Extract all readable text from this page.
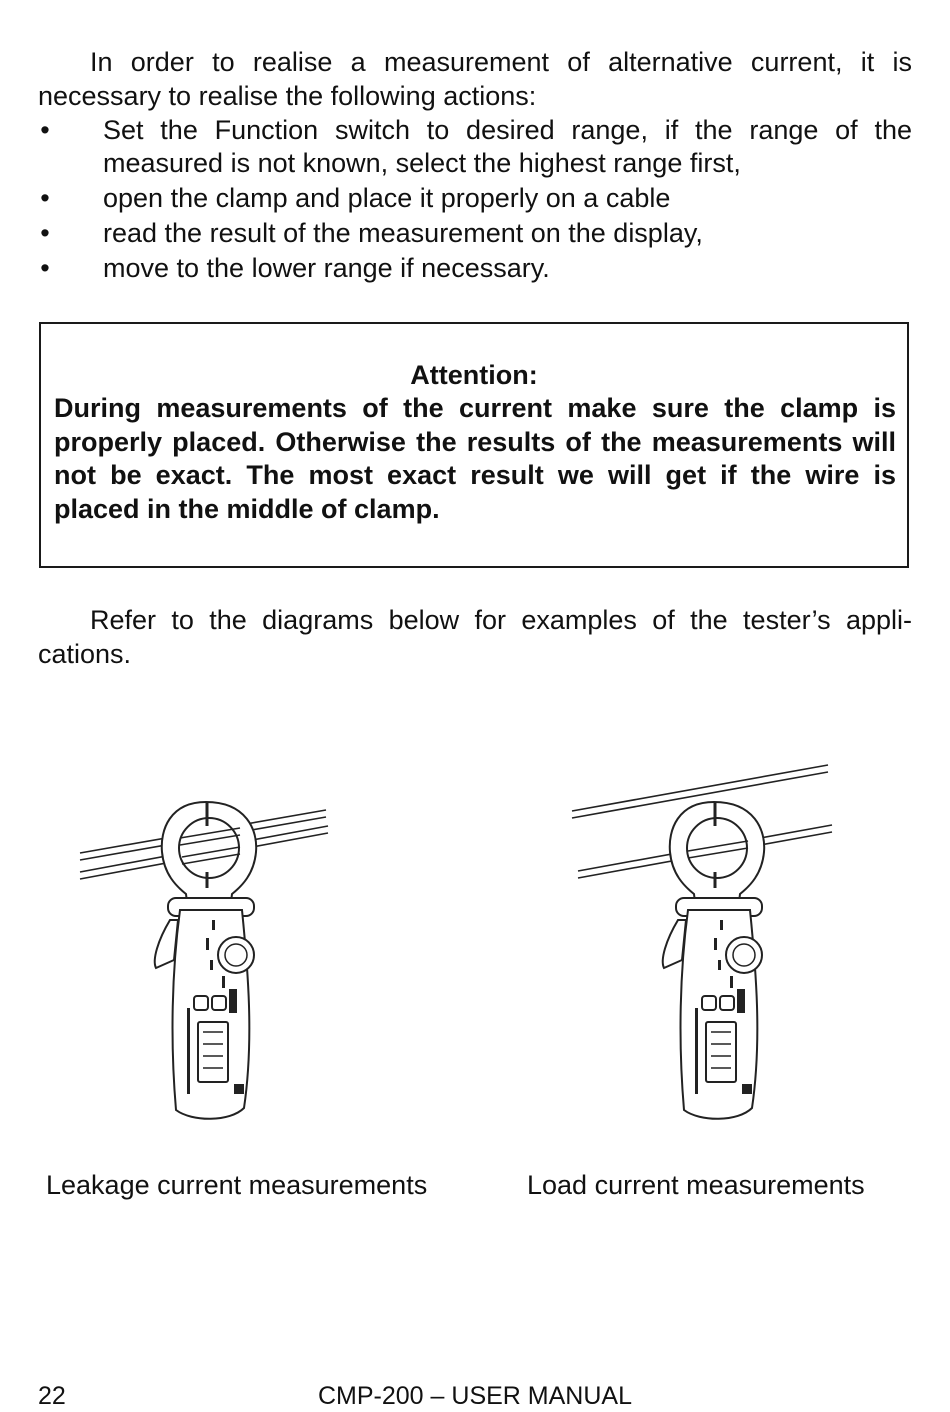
In order to realise a measurement of alternative current, it is necessary to realise the following actions:
• Set the Function switch to desired range, if the range of the measured is not known, select the highest range first,
• open the clamp and place it properly on a cable
• read the result of the measurement on the display,
• move to the lower range if necessary.
Attention:
During measurements of the current make sure the clamp is properly placed. Otherwise the results of the measurements will not be exact. The most exact result we will get if the wire is placed in the middle of clamp.
Refer to the diagrams below for examples of the tester’s appli-cations.
Leakage current measurements	Load current measurements
CMP-200 – USER MANUAL
22
